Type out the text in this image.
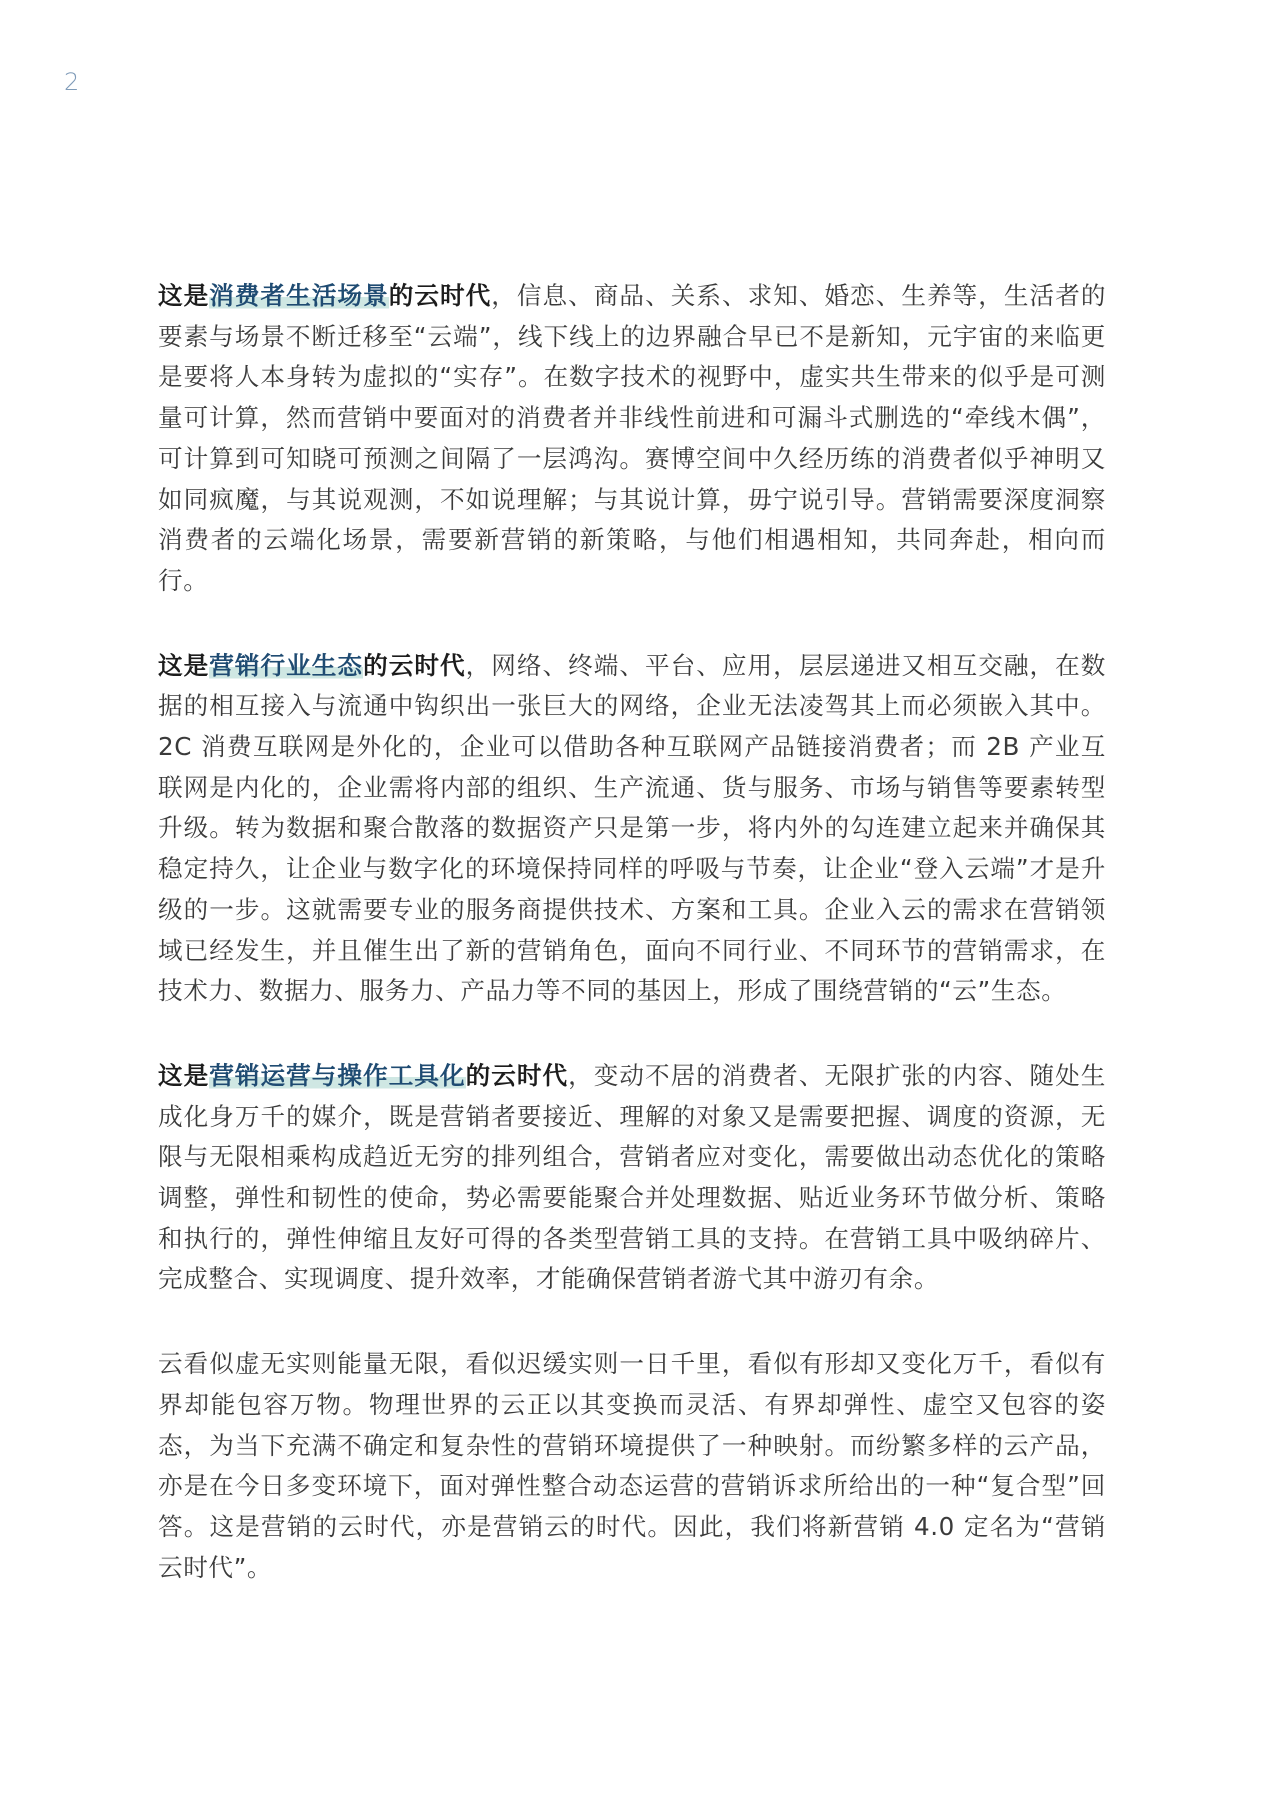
2

这是消费者生活场景的云时代，信息、商品、关系、求知、婚恋、生养等，生活者的要素与场景不断迁移至“云端”，线下线上的边界融合早已不是新知，元宇宙的来临更是要将人本身转为虚拟的“实存”。在数字技术的视野中，虚实共生带来的似乎是可测量可计算，然而营销中要面对的消费者并非线性前进和可漏斗式删选的“牵线木偶”，可计算到可知晓可预测之间隔了一层鸿沟。赛博空间中久经历练的消费者似乎神明又如同疯魔，与其说观测，不如说理解；与其说计算，毋宁说引导。营销需要深度洞察消费者的云端化场景，需要新营销的新策略，与他们相遇相知，共同奔赴，相向而行。

这是营销行业生态的云时代，网络、终端、平台、应用，层层递进又相互交融，在数据的相互接入与流通中钩织出一张巨大的网络，企业无法凌驾其上而必须嵌入其中。2C 消费互联网是外化的，企业可以借助各种互联网产品链接消费者；而 2B 产业互联网是内化的，企业需将内部的组织、生产流通、货与服务、市场与销售等要素转型升级。转为数据和聚合散落的数据资产只是第一步，将内外的勾连建立起来并确保其稳定持久，让企业与数字化的环境保持同样的呼吸与节奏，让企业“登入云端”才是升级的一步。这就需要专业的服务商提供技术、方案和工具。企业入云的需求在营销领域已经发生，并且催生出了新的营销角色，面向不同行业、不同环节的营销需求，在技术力、数据力、服务力、产品力等不同的基因上，形成了围绕营销的“云”生态。

这是营销运营与操作工具化的云时代，变动不居的消费者、无限扩张的内容、随处生成化身万千的媒介，既是营销者要接近、理解的对象又是需要把握、调度的资源，无限与无限相乘构成趋近无穷的排列组合，营销者应对变化，需要做出动态优化的策略调整，弹性和韧性的使命，势必需要能聚合并处理数据、贴近业务环节做分析、策略和执行的，弹性伸缩且友好可得的各类型营销工具的支持。在营销工具中吸纳碎片、完成整合、实现调度、提升效率，才能确保营销者游弋其中游刃有余。

云看似虚无实则能量无限，看似迟缓实则一日千里，看似有形却又变化万千，看似有界却能包容万物。物理世界的云正以其变换而灵活、有界却弹性、虚空又包容的姿态，为当下充满不确定和复杂性的营销环境提供了一种映射。而纷繁多样的云产品，亦是在今日多变环境下，面对弹性整合动态运营的营销诉求所给出的一种“复合型”回答。这是营销的云时代，亦是营销云的时代。因此，我们将新营销 4.0 定名为“营销云时代”。
